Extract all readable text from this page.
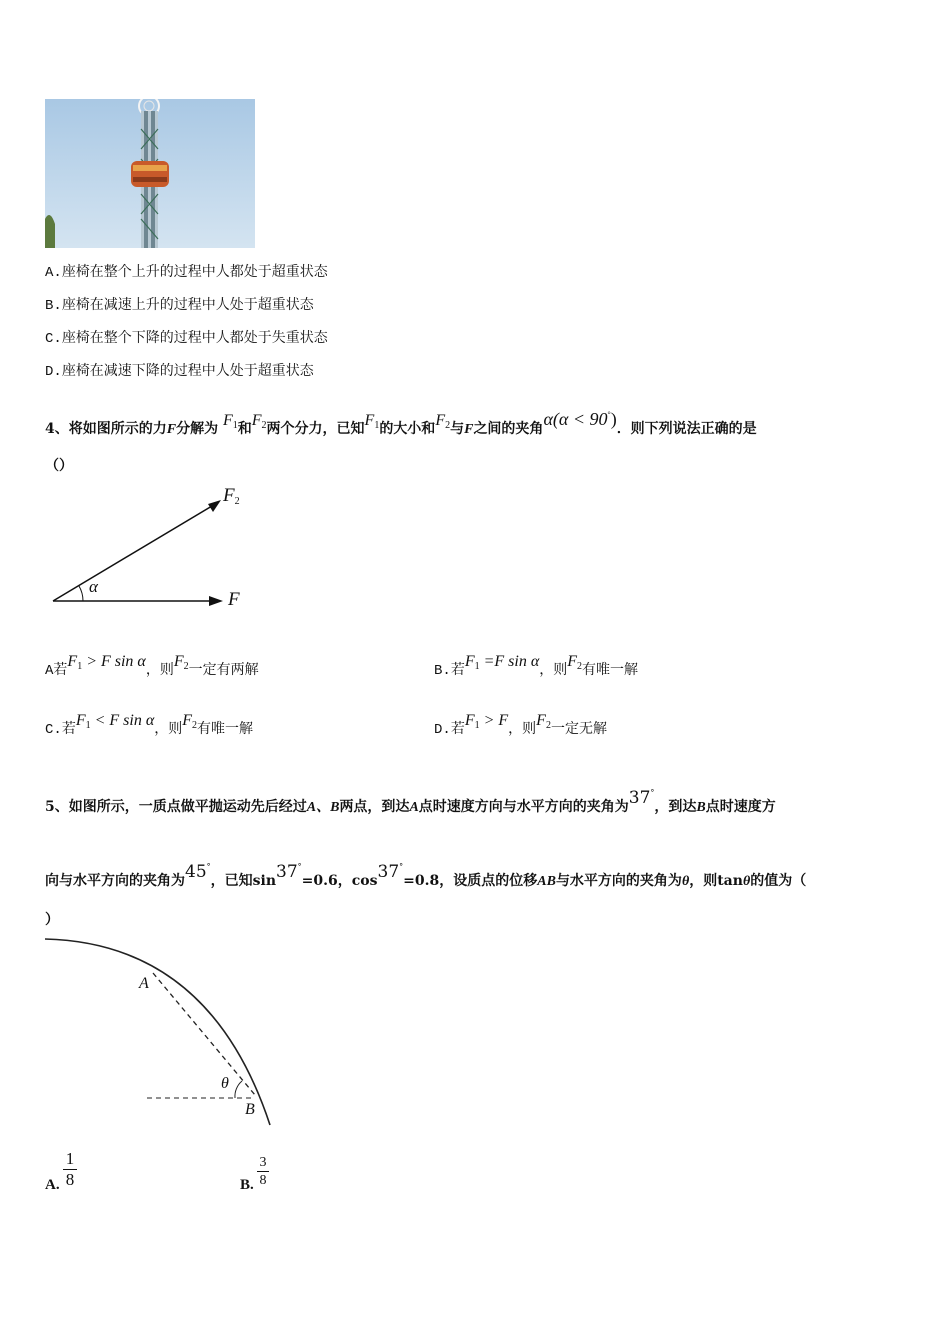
A.座椅在整个上升的过程中人都处于超重状态
B.座椅在减速上升的过程中人处于超重状态
C.座椅在整个下降的过程中人都处于失重状态
D.座椅在减速下降的过程中人处于超重状态
4、将如图所示的力F分解为 $F_1$和$F_2$两个分力，已知$F_1$的大小和$F_2$与F之间的夹角α(α < 90°)．则下列说法正确的是
（）
$F_2$
α
F
A若$F_1 > F$ sin α，则$F_2$一定有两解	B.若$F_1 =F$ sin α，则$F_2$有唯一解
C.若$F_1 < F$ sin α，则$F_2$有唯一解	D.若$F_1 > F$，则$F_2$一定无解
5、如图所示，一质点做平抛运动先后经过A、B两点，到达A点时速度方向与水平方向的夹角为37°，到达B点时速度方
向与水平方向的夹角为45°，已知sin37°=0.6，cos37°=0.8，设质点的位移AB与水平方向的夹角为θ，则tanθ的值为（
）
A
B
θ
A.
1
8	B.
3
8
